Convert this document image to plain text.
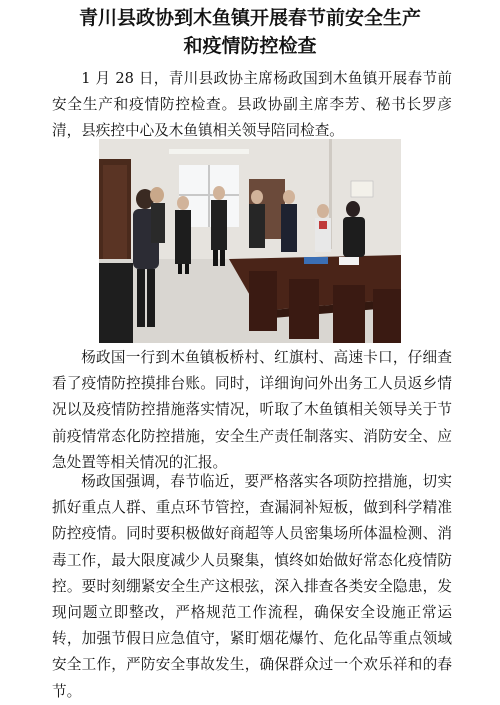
青川县政协到木鱼镇开展春节前安全生产
和疫情防控检查

1 月 28 日，青川县政协主席杨政国到木鱼镇开展春节前安全生产和疫情防控检查。县政协副主席李芳、秘书长罗彦清，县疾控中心及木鱼镇相关领导陪同检查。

杨政国一行到木鱼镇板桥村、红旗村、高速卡口，仔细查看了疫情防控摸排台账。同时，详细询问外出务工人员返乡情况以及疫情防控措施落实情况，听取了木鱼镇相关领导关于节前疫情常态化防控措施，安全生产责任制落实、消防安全、应急处置等相关情况的汇报。

杨政国强调，春节临近，要严格落实各项防控措施，切实抓好重点人群、重点环节管控，查漏洞补短板，做到科学精准防控疫情。同时要积极做好商超等人员密集场所体温检测、消毒工作，最大限度减少人员聚集，慎终如始做好常态化疫情防控。要时刻绷紧安全生产这根弦，深入排查各类安全隐患，发现问题立即整改，严格规范工作流程，确保安全设施正常运转，加强节假日应急值守，紧盯烟花爆竹、危化品等重点领域安全工作，严防安全事故发生，确保群众过一个欢乐祥和的春节。
